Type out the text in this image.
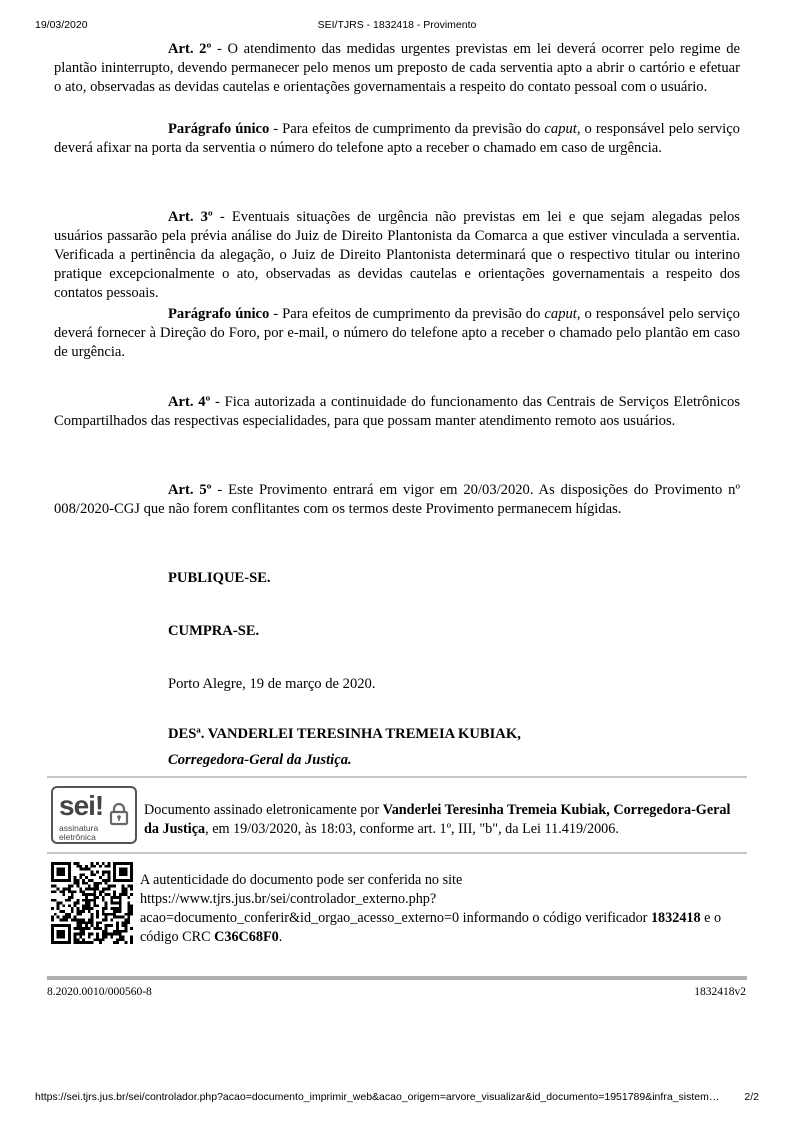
19/03/2020	SEI/TJRS - 1832418 - Provimento

Art. 2º - O atendimento das medidas urgentes previstas em lei deverá ocorrer pelo regime de plantão ininterrupto, devendo permanecer pelo menos um preposto de cada serventia apto a abrir o cartório e efetuar o ato, observadas as devidas cautelas e orientações governamentais a respeito do contato pessoal com o usuário.

Parágrafo único - Para efeitos de cumprimento da previsão do caput, o responsável pelo serviço deverá afixar na porta da serventia o número do telefone apto a receber o chamado em caso de urgência.

Art. 3º - Eventuais situações de urgência não previstas em lei e que sejam alegadas pelos usuários passarão pela prévia análise do Juiz de Direito Plantonista da Comarca a que estiver vinculada a serventia. Verificada a pertinência da alegação, o Juiz de Direito Plantonista determinará que o respectivo titular ou interino pratique excepcionalmente o ato, observadas as devidas cautelas e orientações governamentais a respeito dos contatos pessoais.

Parágrafo único - Para efeitos de cumprimento da previsão do caput, o responsável pelo serviço deverá fornecer à Direção do Foro, por e-mail, o número do telefone apto a receber o chamado pelo plantão em caso de urgência.

Art. 4º - Fica autorizada a continuidade do funcionamento das Centrais de Serviços Eletrônicos Compartilhados das respectivas especialidades, para que possam manter atendimento remoto aos usuários.

Art. 5º - Este Provimento entrará em vigor em 20/03/2020. As disposições do Provimento nº 008/2020-CGJ que não forem conflitantes com os termos deste Provimento permanecem hígidas.

PUBLIQUE-SE.
CUMPRA-SE.
Porto Alegre, 19 de março de 2020.
DESª. VANDERLEI TERESINHA TREMEIA KUBIAK,
Corregedora-Geral da Justiça.
sei!
assinatura
eletrônica
Documento assinado eletronicamente por Vanderlei Teresinha Tremeia Kubiak, Corregedora-Geral da Justiça, em 19/03/2020, às 18:03, conforme art. 1º, III, "b", da Lei 11.419/2006.
A autenticidade do documento pode ser conferida no site
https://www.tjrs.jus.br/sei/controlador_externo.php?
acao=documento_conferir&id_orgao_acesso_externo=0 informando o código verificador 1832418 e o código CRC C36C68F0.
8.2020.0010/000560-8	1832418v2
https://sei.tjrs.jus.br/sei/controlador.php?acao=documento_imprimir_web&acao_origem=arvore_visualizar&id_documento=1951789&infra_sistem…	2/2
